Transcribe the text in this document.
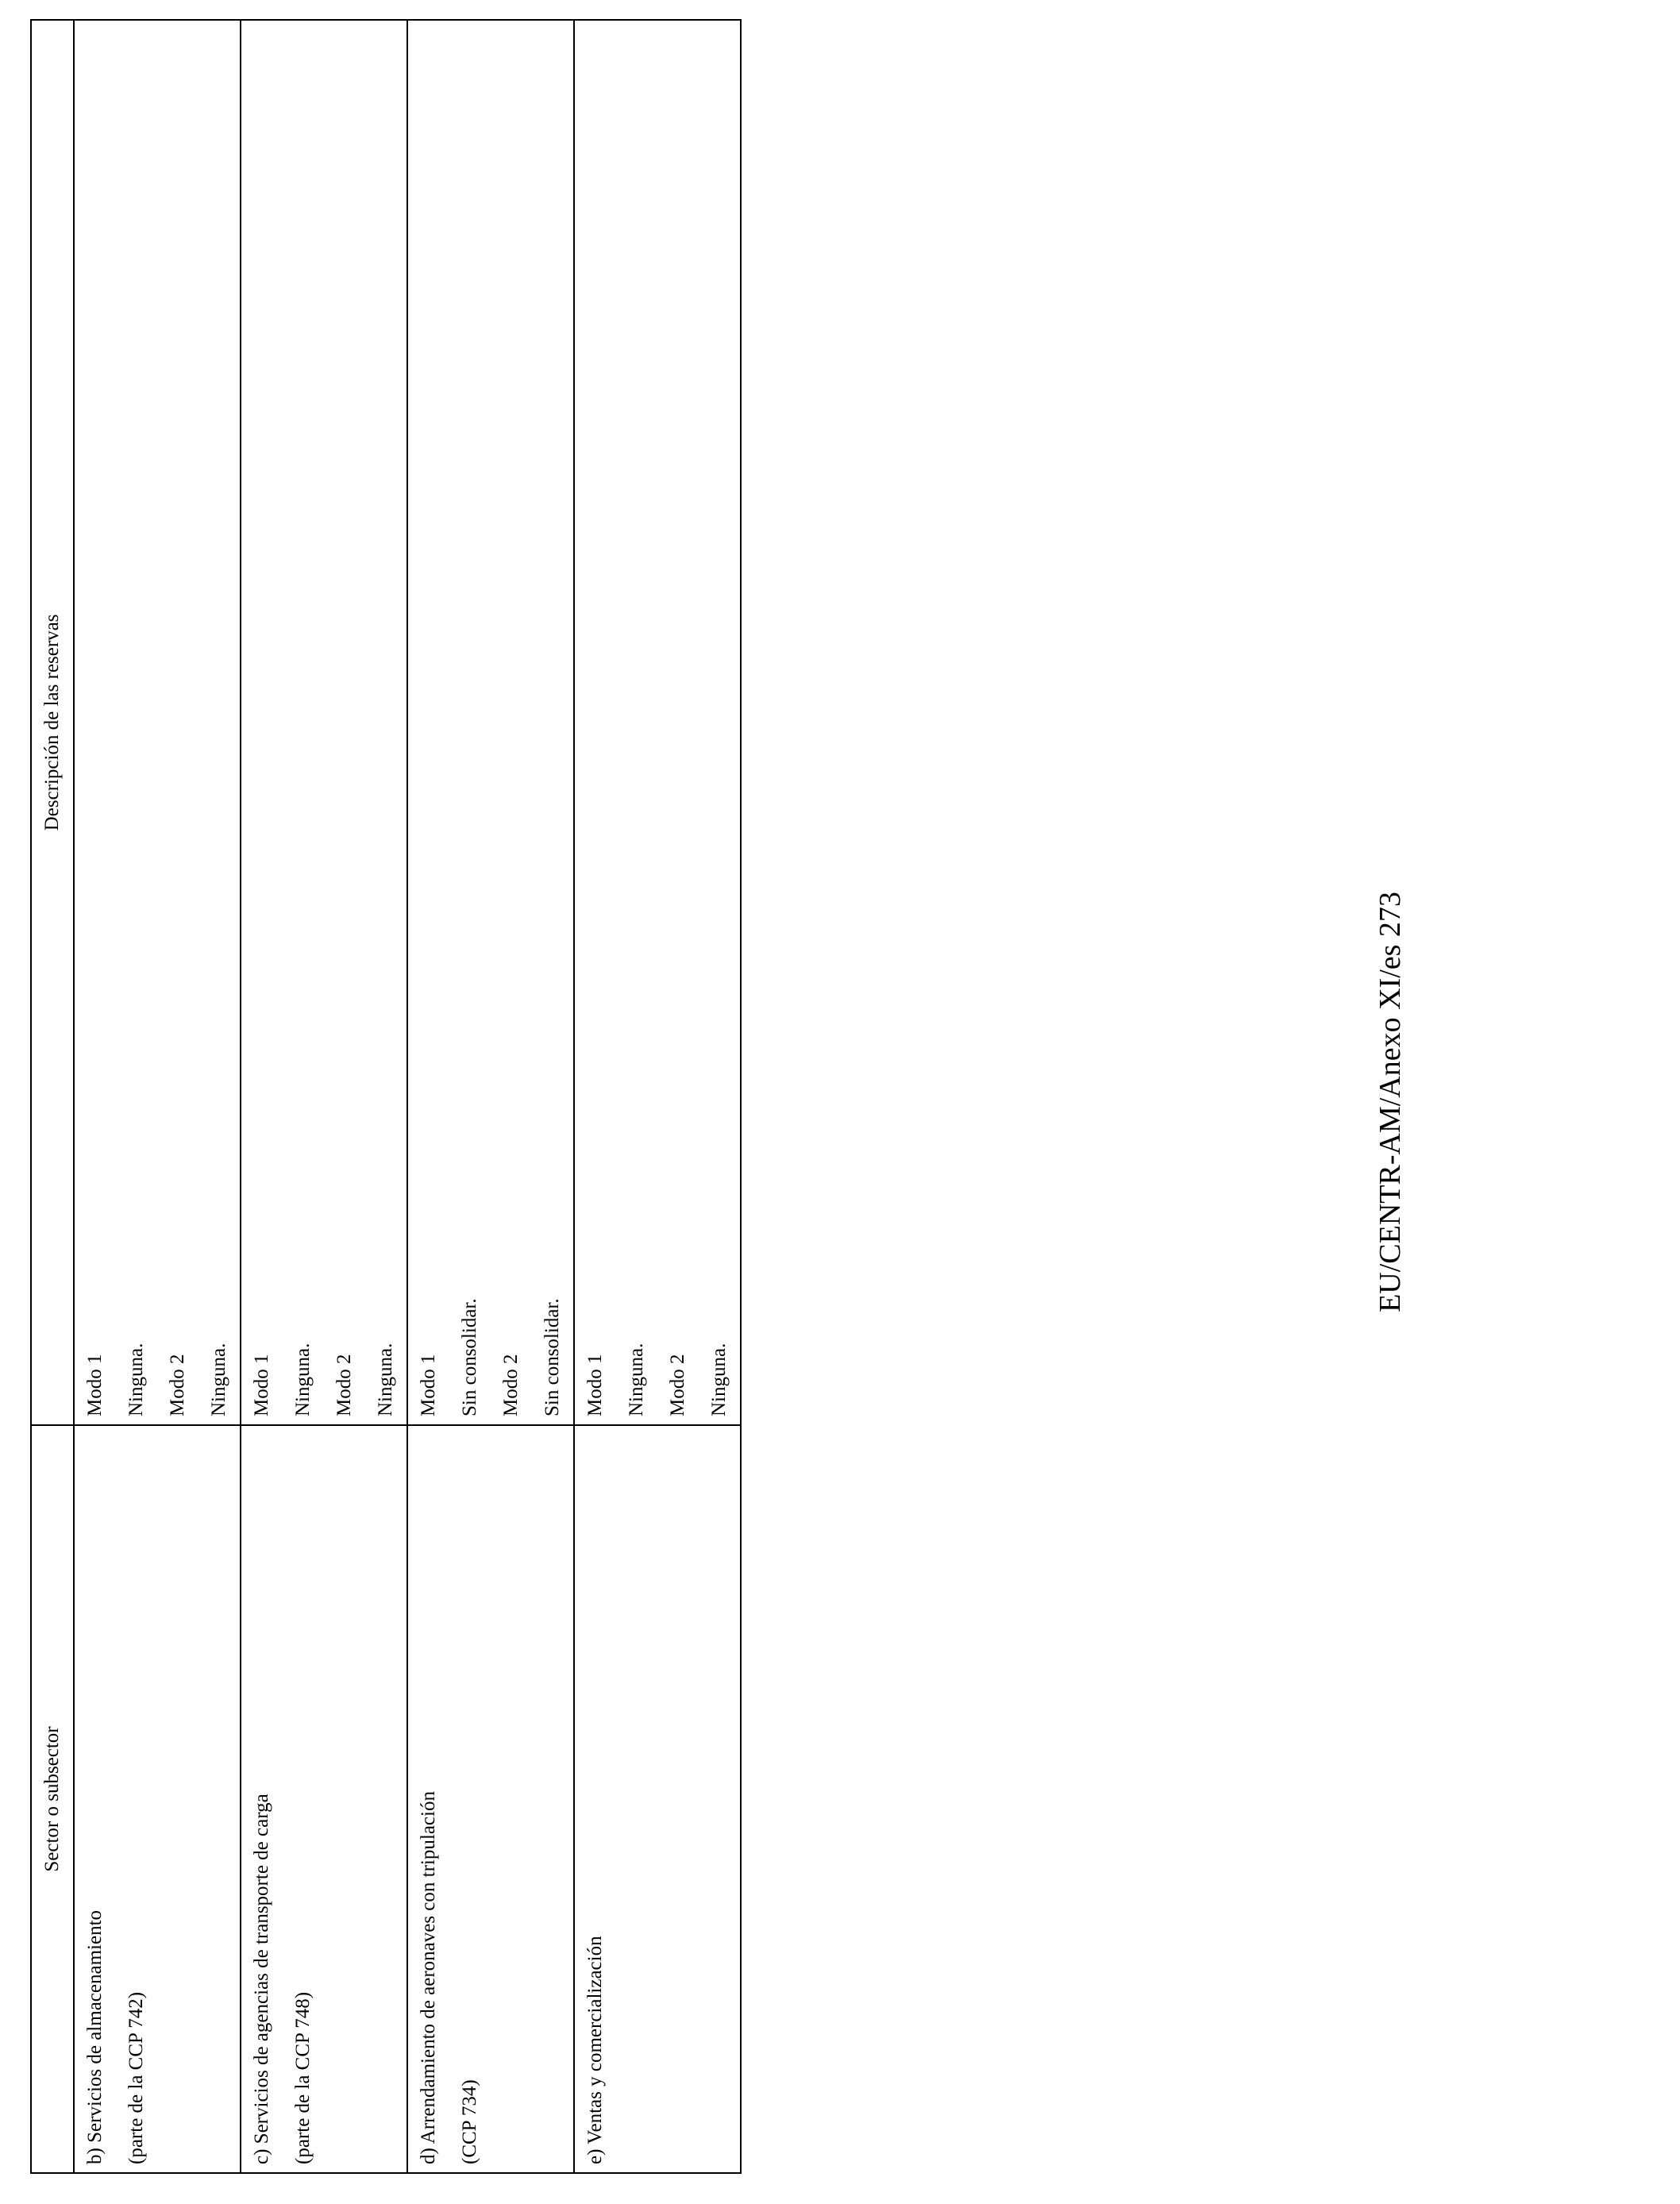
Sector o subsector	Descripción de las reservas

b) Servicios de almacenamiento (parte de la CCP 742)	Modo 1 Ninguna. Modo 2 Ninguna.

c) Servicios de agencias de transporte de carga (parte de la CCP 748)	Modo 1 Ninguna. Modo 2 Ninguna.

d) Arrendamiento de aeronaves con tripulación (CCP 734)	Modo 1 Sin consolidar. Modo 2 Sin consolidar.

e) Ventas y comercialización	Modo 1 Ninguna. Modo 2 Ninguna.
EU/CENTR-AM/Anexo XI/es 273
